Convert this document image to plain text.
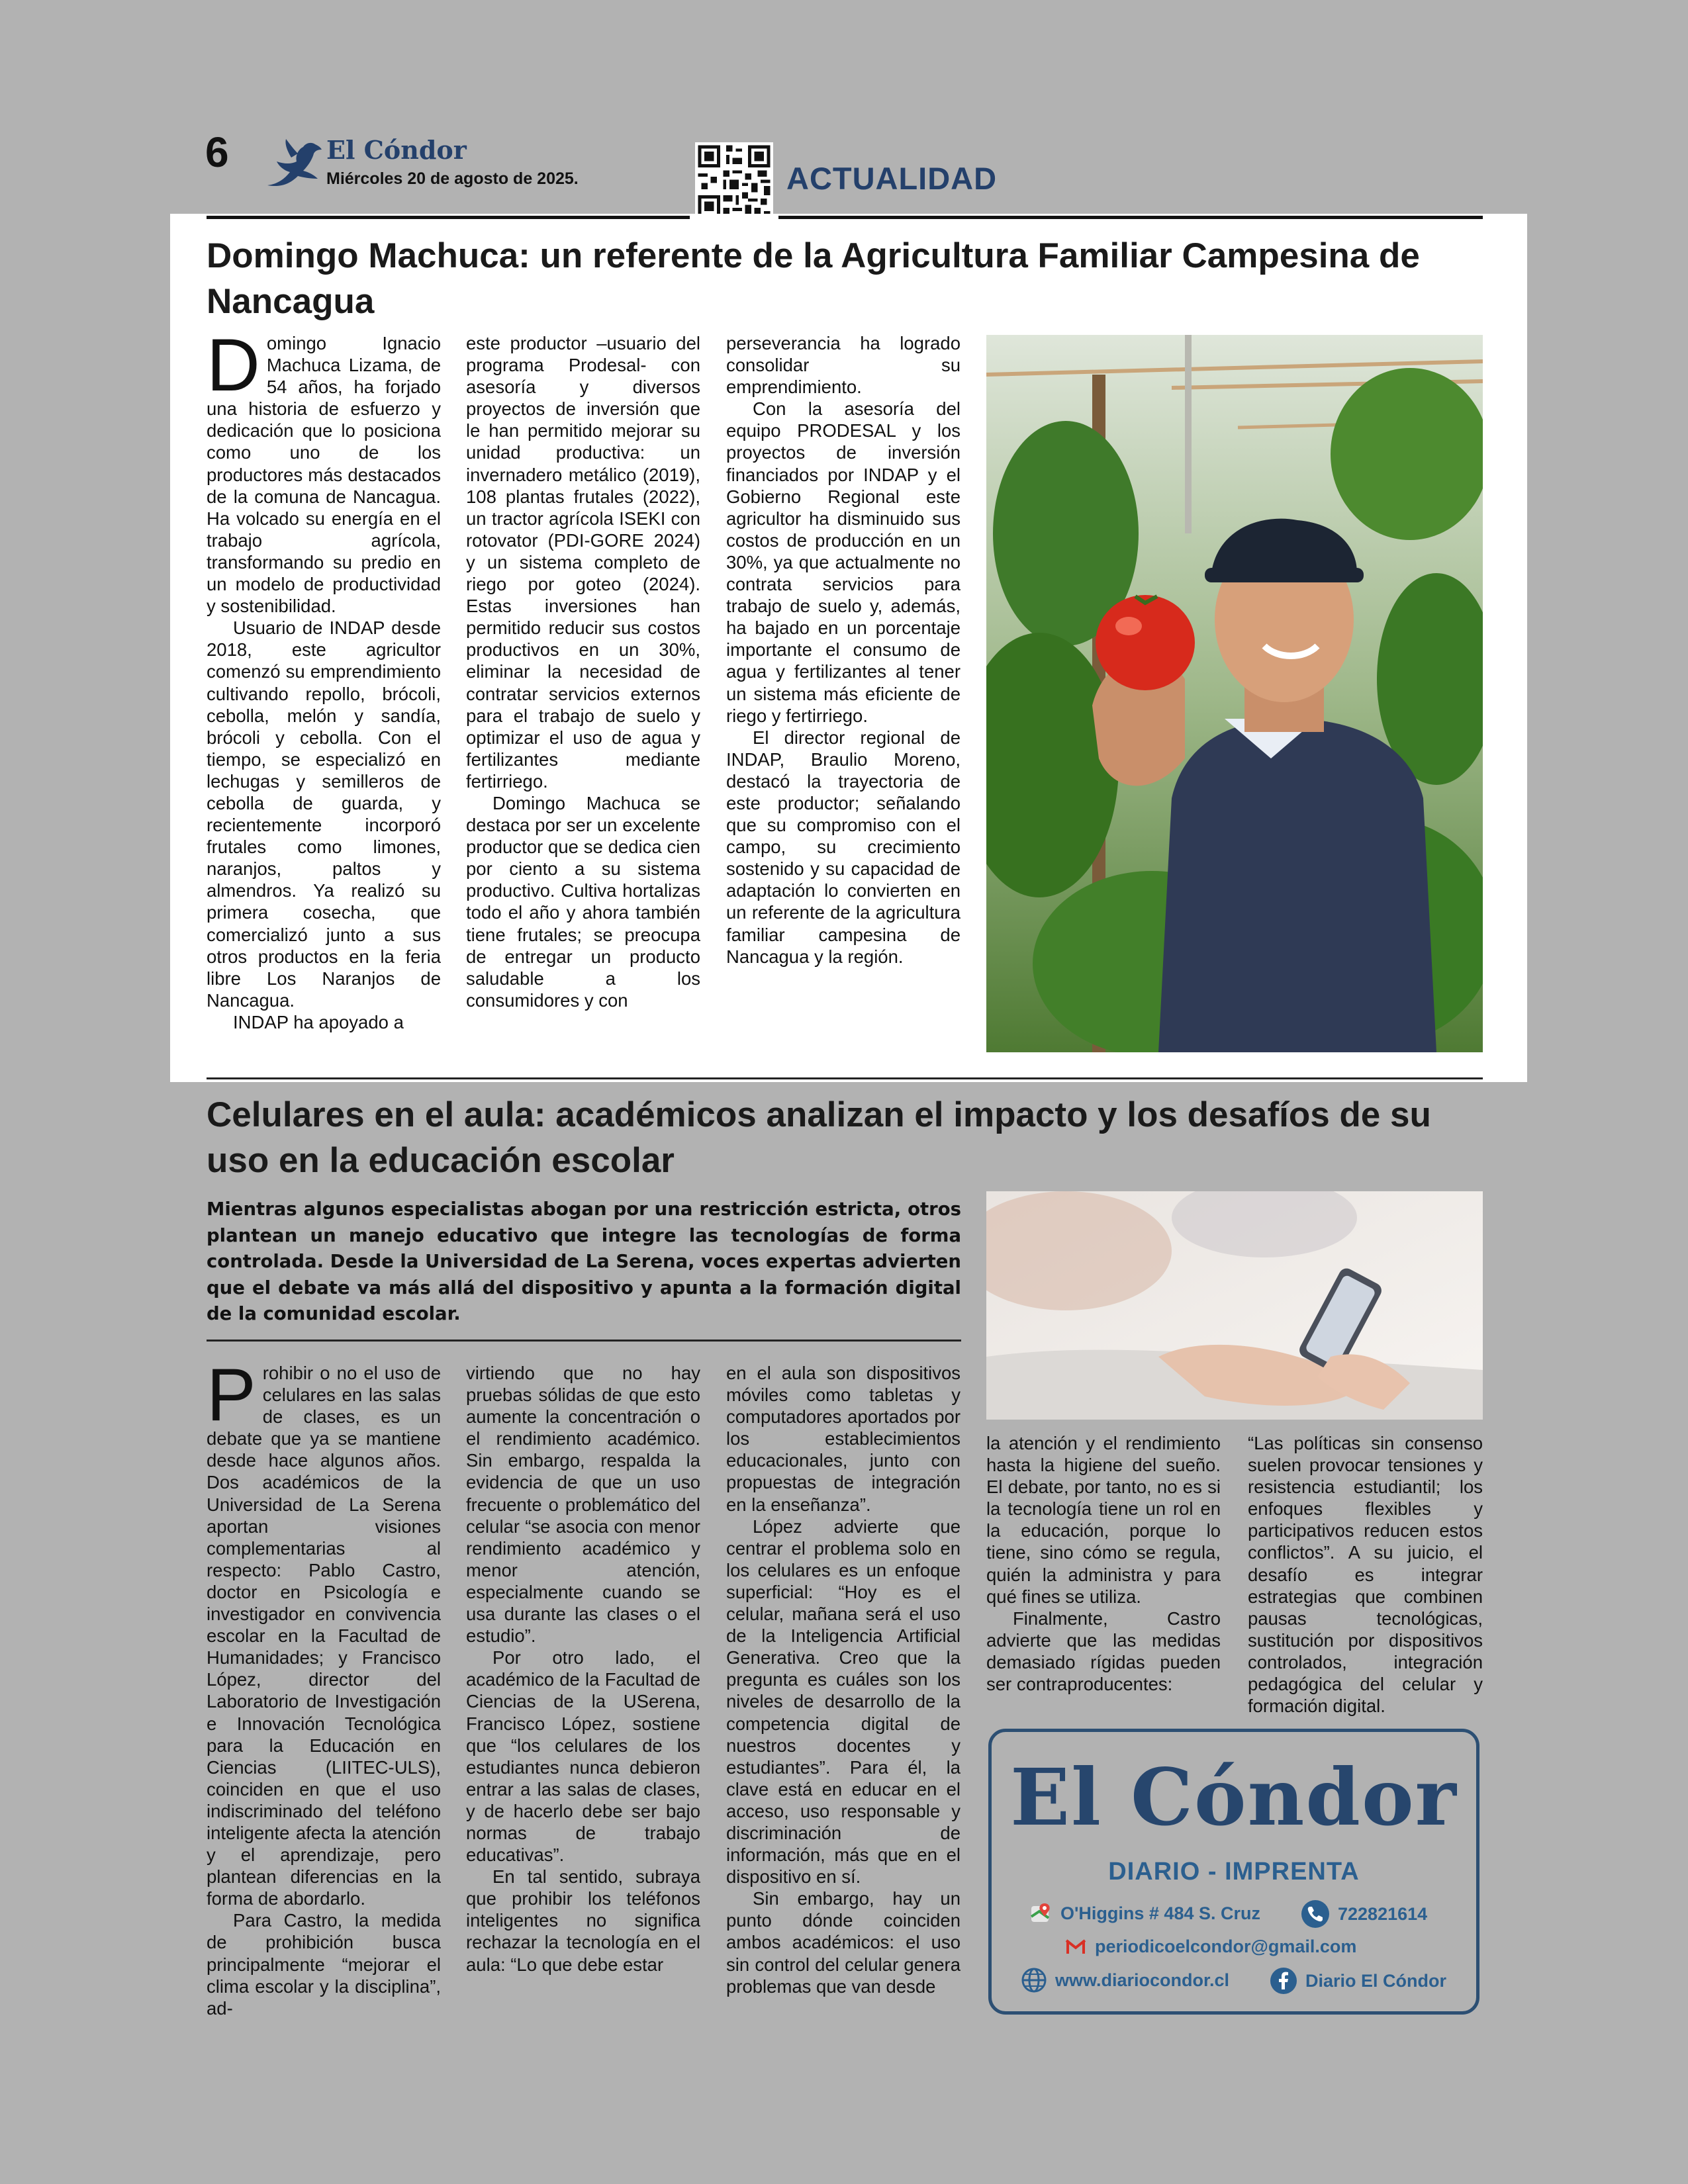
6	El Cóndor
Miércoles 20 de agosto de 2025.	ACTUALIDAD
Domingo Machuca: un referente de la Agricultura Familiar Campesina de Nancagua

Domingo Ignacio Machuca Lizama, de 54 años, ha forjado una historia de esfuerzo y dedicación que lo posiciona como uno de los productores más destacados de la comuna de Nancagua. Ha volcado su energía en el trabajo agrícola, transformando su predio en un modelo de productividad y sostenibilidad.

Usuario de INDAP desde 2018, este agricultor comenzó su emprendimiento cultivando repollo, brócoli, cebolla, melón y sandía, brócoli y cebolla. Con el tiempo, se especializó en lechugas y semilleros de cebolla de guarda, y recientemente incorporó frutales como limones, naranjos, paltos y almendros. Ya realizó su primera cosecha, que comercializó junto a sus otros productos en la feria libre Los Naranjos de Nancagua.

INDAP ha apoyado a

este productor –usuario del programa Prodesal- con asesoría y diversos proyectos de inversión que le han permitido mejorar su unidad productiva: un invernadero metálico (2019), 108 plantas frutales (2022), un tractor agrícola ISEKI con rotovator (PDI-GORE 2024) y un sistema completo de riego por goteo (2024). Estas inversiones han permitido reducir sus costos productivos en un 30%, eliminar la necesidad de contratar servicios externos para el trabajo de suelo y optimizar el uso de agua y fertilizantes mediante fertirriego.

Domingo Machuca se destaca por ser un excelente productor que se dedica cien por ciento a su sistema productivo. Cultiva hortalizas todo el año y ahora también tiene frutales; se preocupa de entregar un producto saludable a los consumidores y con

perseverancia ha logrado consolidar su emprendimiento.

Con la asesoría del equipo PRODESAL y los proyectos de inversión financiados por INDAP y el Gobierno Regional este agricultor ha disminuido sus costos de producción en un 30%, ya que actualmente no contrata servicios para trabajo de suelo y, además, ha bajado en un porcentaje importante el consumo de agua y fertilizantes al tener un sistema más eficiente de riego y fertirriego.

El director regional de INDAP, Braulio Moreno, destacó la trayectoria de este productor; señalando que su compromiso con el campo, su crecimiento sostenido y su capacidad de adaptación lo convierten en un referente de la agricultura familiar campesina de Nancagua y la región.

Celulares en el aula: académicos analizan el impacto y los desafíos de su uso en la educación escolar
Mientras algunos especialistas abogan por una restricción estricta, otros plantean un manejo educativo que integre las tecnologías de forma controlada. Desde la Universidad de La Serena, voces expertas advierten que el debate va más allá del dispositivo y apunta a la formación digital de la comunidad escolar.

Prohibir o no el uso de celulares en las salas de clases, es un debate que ya se mantiene desde hace algunos años. Dos académicos de la Universidad de La Serena aportan visiones complementarias al respecto: Pablo Castro, doctor en Psicología e investigador en convivencia escolar en la Facultad de Humanidades; y Francisco López, director del Laboratorio de Investigación e Innovación Tecnológica para la Educación en Ciencias (LIITEC-ULS), coinciden en que el uso indiscriminado del teléfono inteligente afecta la atención y el aprendizaje, pero plantean diferencias en la forma de abordarlo.

Para Castro, la medida de prohibición busca principalmente “mejorar el clima escolar y la disciplina”, ad-

virtiendo que no hay pruebas sólidas de que esto aumente la concentración o el rendimiento académico. Sin embargo, respalda la evidencia de que un uso frecuente o problemático del celular “se asocia con menor rendimiento académico y menor atención, especialmente cuando se usa durante las clases o el estudio”.

Por otro lado, el académico de la Facultad de Ciencias de la USerena, Francisco López, sostiene que “los celulares de los estudiantes nunca debieron entrar a las salas de clases, y de hacerlo debe ser bajo normas de trabajo educativas”.

En tal sentido, subraya que prohibir los teléfonos inteligentes no significa rechazar la tecnología en el aula: “Lo que debe estar

en el aula son dispositivos móviles como tabletas y computadores aportados por los establecimientos educacionales, junto con propuestas de integración en la enseñanza”.

López advierte que centrar el problema solo en los celulares es un enfoque superficial: “Hoy es el celular, mañana será el uso de la Inteligencia Artificial Generativa. Creo que la pregunta es cuáles son los niveles de desarrollo de la competencia digital de nuestros docentes y estudiantes”. Para él, la clave está en educar en el acceso, uso responsable y discriminación de información, más que en el dispositivo en sí.

Sin embargo, hay un punto dónde coinciden ambos académicos: el uso sin control del celular genera problemas que van desde

la atención y el rendimiento hasta la higiene del sueño. El debate, por tanto, no es si la tecnología tiene un rol en la educación, porque lo tiene, sino cómo se regula, quién la administra y para qué fines se utiliza.

Finalmente, Castro advierte que las medidas demasiado rígidas pueden ser contraproducentes:

“Las políticas sin consenso suelen provocar tensiones y resistencia estudiantil; los enfoques flexibles y participativos reducen estos conflictos”. A su juicio, el desafío es integrar estrategias que combinen pausas tecnológicas, sustitución por dispositivos controlados, integración pedagógica del celular y formación digital.

El Cóndor
DIARIO - IMPRENTA
O'Higgins # 484 S. Cruz	722821614
periodicoelcondor@gmail.com
www.diariocondor.cl	Diario El Cóndor
